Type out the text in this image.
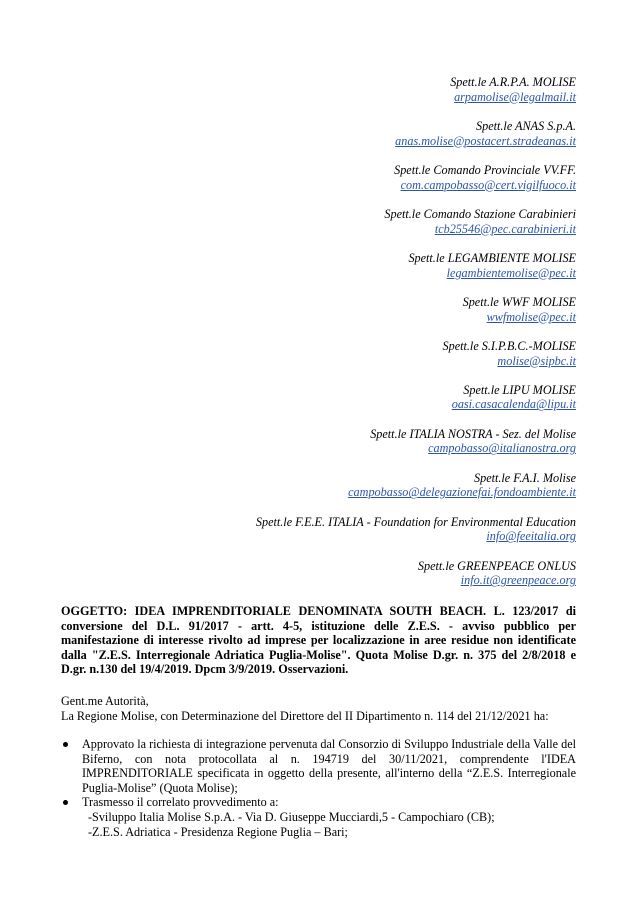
Spett.le A.R.P.A. MOLISE
arpamolise@legalmail.it
Spett.le ANAS S.p.A.
anas.molise@postacert.stradeanas.it
Spett.le Comando Provinciale VV.FF.
com.campobasso@cert.vigilfuoco.it
Spett.le Comando Stazione Carabinieri
tcb25546@pec.carabinieri.it
Spett.le LEGAMBIENTE MOLISE
legambientemolise@pec.it
Spett.le WWF MOLISE
wwfmolise@pec.it
Spett.le S.I.P.B.C.-MOLISE
molise@sipbc.it
Spett.le LIPU MOLISE
oasi.casacalenda@lipu.it
Spett.le ITALIA NOSTRA - Sez. del Molise
campobasso@italianostra.org
Spett.le F.A.I. Molise
campobasso@delegazionefai.fondoambiente.it
Spett.le F.E.E. ITALIA - Foundation for Environmental Education
info@feeitalia.org
Spett.le GREENPEACE ONLUS
info.it@greenpeace.org
OGGETTO: IDEA IMPRENDITORIALE DENOMINATA SOUTH BEACH. L. 123/2017 di conversione del D.L. 91/2017 - artt. 4-5, istituzione delle Z.E.S. - avviso pubblico per manifestazione di interesse rivolto ad imprese per localizzazione in aree residue non identificate dalla "Z.E.S. Interregionale Adriatica Puglia-Molise". Quota Molise D.gr. n. 375 del 2/8/2018 e D.gr. n.130 del 19/4/2019. Dpcm 3/9/2019. Osservazioni.
Gent.me Autorità,
La Regione Molise, con Determinazione del Direttore del II Dipartimento n. 114 del 21/12/2021 ha:
Approvato la richiesta di integrazione pervenuta dal Consorzio di Sviluppo Industriale della Valle del Biferno, con nota protocollata al n. 194719 del 30/11/2021, comprendente l'IDEA IMPRENDITORIALE specificata in oggetto della presente, all'interno della “Z.E.S. Interregionale Puglia-Molise” (Quota Molise);
Trasmesso il correlato provvedimento a:
-Sviluppo Italia Molise S.p.A. - Via D. Giuseppe Mucciardi,5 - Campochiaro (CB);
-Z.E.S. Adriatica - Presidenza Regione Puglia – Bari;
